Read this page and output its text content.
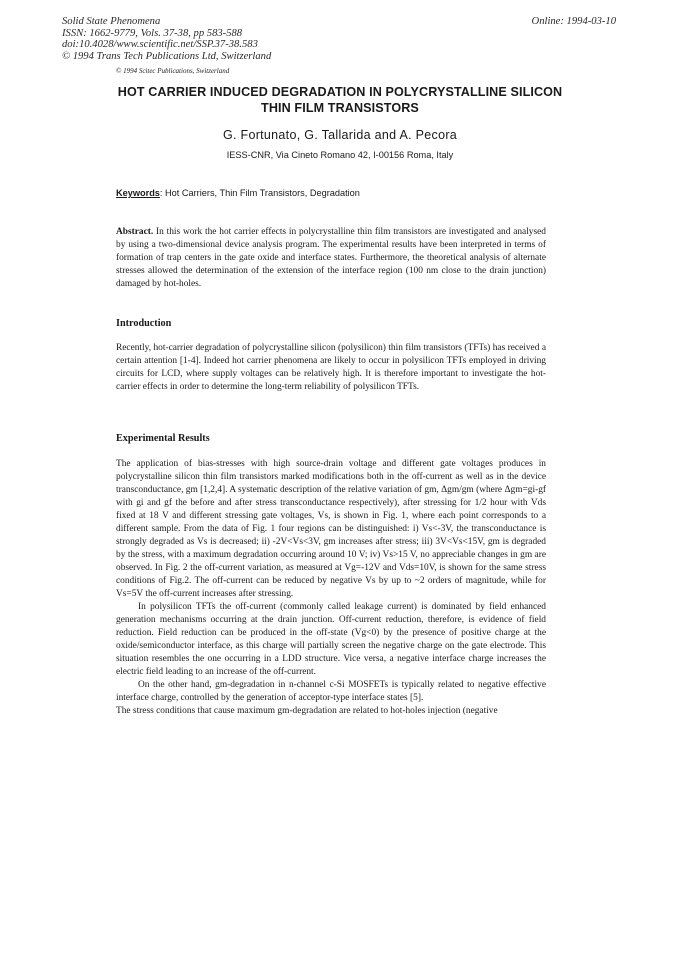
Solid State Phenomena
ISSN: 1662-9779, Vols. 37-38, pp 583-588
doi:10.4028/www.scientific.net/SSP.37-38.583
© 1994 Trans Tech Publications Ltd, Switzerland
Online: 1994-03-10
© 1994 Scitec Publications, Switzerland
HOT CARRIER INDUCED DEGRADATION IN POLYCRYSTALLINE SILICON
THIN FILM TRANSISTORS
G. Fortunato, G. Tallarida and A. Pecora
IESS-CNR, Via Cineto Romano 42, I-00156 Roma, Italy
Keywords: Hot Carriers, Thin Film Transistors, Degradation

Abstract. In this work the hot carrier effects in polycrystalline thin film transistors are investigated and analysed by using a two-dimensional device analysis program. The experimental results have been interpreted in terms of formation of trap centers in the gate oxide and interface states. Furthermore, the theoretical analysis of alternate stresses allowed the determination of the extension of the interface region (100 nm close to the drain junction) damaged by hot-holes.

Introduction

Recently, hot-carrier degradation of polycrystalline silicon (polysilicon) thin film transistors (TFTs) has received a certain attention [1-4]. Indeed hot carrier phenomena are likely to occur in polysilicon TFTs employed in driving circuits for LCD, where supply voltages can be relatively high. It is therefore important to investigate the hot-carrier effects in order to determine the long-term reliability of polysilicon TFTs.

Experimental Results

The application of bias-stresses with high source-drain voltage and different gate voltages produces in polycrystalline silicon thin film transistors marked modifications both in the off-current as well as in the device transconductance, gm [1,2,4]. A systematic description of the relative variation of gm, Δgm/gm (where Δgm=gi-gf with gi and gf the before and after stress transconductance respectively), after stressing for 1/2 hour with Vds fixed at 18 V and different stressing gate voltages, Vs, is shown in Fig. 1, where each point corresponds to a different sample. From the data of Fig. 1 four regions can be distinguished: i) Vs<-3V, the transconductance is strongly degraded as Vs is decreased; ii) -2V<Vs<3V, gm increases after stress; iii) 3V<Vs<15V, gm is degraded by the stress, with a maximum degradation occurring around 10 V; iv) Vs>15 V, no appreciable changes in gm are observed. In Fig. 2 the off-current variation, as measured at Vg=-12V and Vds=10V, is shown for the same stress conditions of Fig.2. The off-current can be reduced by negative Vs by up to ~2 orders of magnitude, while for Vs=5V the off-current increases after stressing.

In polysilicon TFTs the off-current (commonly called leakage current) is dominated by field enhanced generation mechanisms occurring at the drain junction. Off-current reduction, therefore, is evidence of field reduction. Field reduction can be produced in the off-state (Vg<0) by the presence of positive charge at the oxide/semiconductor interface, as this charge will partially screen the negative charge on the gate electrode. This situation resembles the one occurring in a LDD structure. Vice versa, a negative interface charge increases the electric field leading to an increase of the off-current.

On the other hand, gm-degradation in n-channel c-Si MOSFETs is typically related to negative effective interface charge, controlled by the generation of acceptor-type interface states [5].

The stress conditions that cause maximum gm-degradation are related to hot-holes injection (negative
